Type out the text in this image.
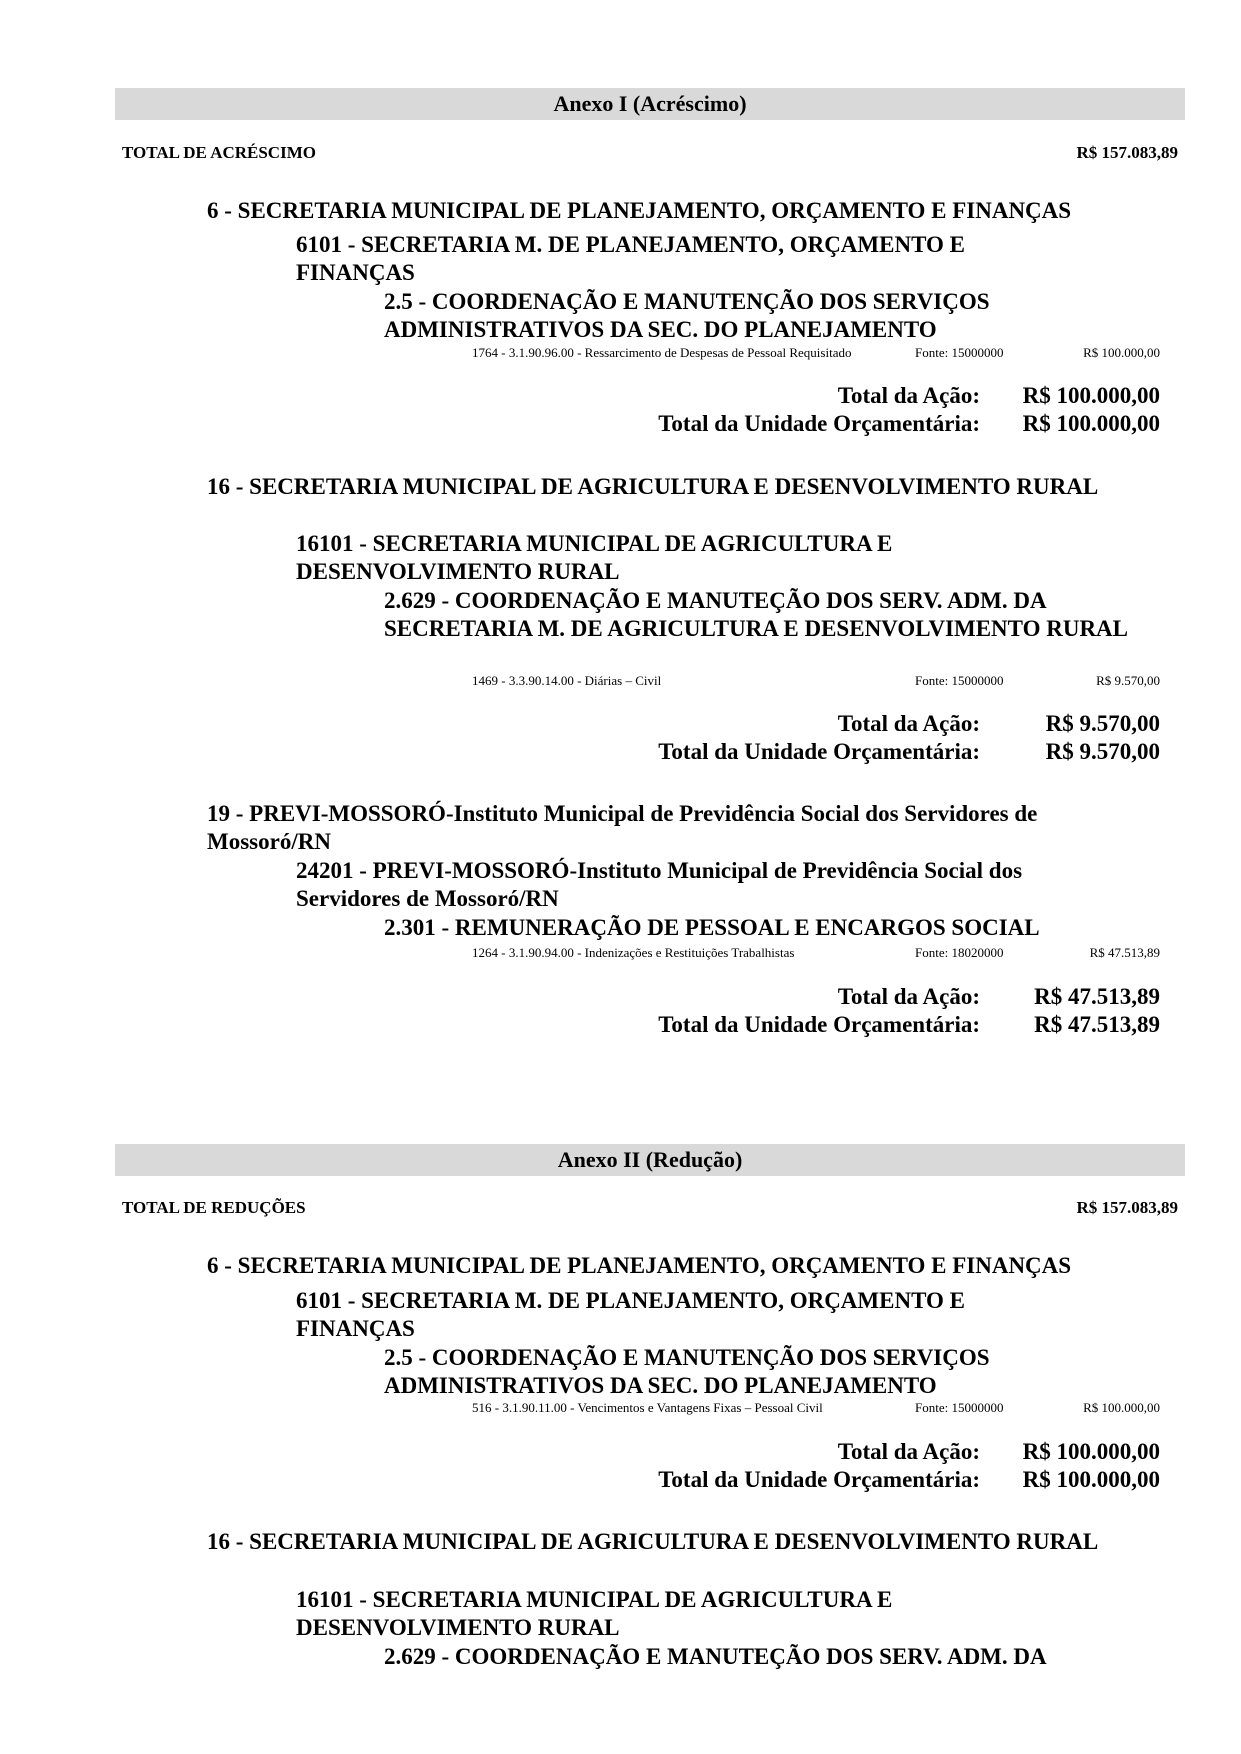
Anexo I (Acréscimo)
TOTAL DE ACRÉSCIMO	R$ 157.083,89
6 - SECRETARIA MUNICIPAL DE PLANEJAMENTO, ORÇAMENTO E FINANÇAS
6101 - SECRETARIA M. DE PLANEJAMENTO, ORÇAMENTO E FINANÇAS
2.5 - COORDENAÇÃO E MANUTENÇÃO DOS SERVIÇOS ADMINISTRATIVOS DA SEC. DO PLANEJAMENTO
1764 - 3.1.90.96.00 - Ressarcimento de Despesas de Pessoal Requisitado	Fonte: 15000000	R$ 100.000,00
Total da Ação: R$ 100.000,00
Total da Unidade Orçamentária: R$ 100.000,00
16 - SECRETARIA MUNICIPAL DE AGRICULTURA E DESENVOLVIMENTO RURAL
16101 - SECRETARIA MUNICIPAL DE AGRICULTURA E DESENVOLVIMENTO RURAL
2.629 - COORDENAÇÃO E MANUTEÇÃO DOS SERV. ADM. DA SECRETARIA M. DE AGRICULTURA E DESENVOLVIMENTO RURAL
1469 - 3.3.90.14.00 - Diárias – Civil	Fonte: 15000000	R$ 9.570,00
Total da Ação:	R$ 9.570,00
Total da Unidade Orçamentária:	R$ 9.570,00
19 - PREVI-MOSSORÓ-Instituto Municipal de Previdência Social dos Servidores de Mossoró/RN
24201 - PREVI-MOSSORÓ-Instituto Municipal de Previdência Social dos Servidores de Mossoró/RN
2.301 - REMUNERAÇÃO DE PESSOAL E ENCARGOS SOCIAL
1264 - 3.1.90.94.00 - Indenizações e Restituições Trabalhistas	Fonte: 18020000	R$ 47.513,89
Total da Ação: R$ 47.513,89
Total da Unidade Orçamentária: R$ 47.513,89
Anexo II (Redução)
TOTAL DE REDUÇÕES	R$ 157.083,89
6 - SECRETARIA MUNICIPAL DE PLANEJAMENTO, ORÇAMENTO E FINANÇAS
6101 - SECRETARIA M. DE PLANEJAMENTO, ORÇAMENTO E FINANÇAS
2.5 - COORDENAÇÃO E MANUTENÇÃO DOS SERVIÇOS ADMINISTRATIVOS DA SEC. DO PLANEJAMENTO
516 - 3.1.90.11.00 - Vencimentos e Vantagens Fixas – Pessoal Civil	Fonte: 15000000	R$ 100.000,00
Total da Ação: R$ 100.000,00
Total da Unidade Orçamentária: R$ 100.000,00
16 - SECRETARIA MUNICIPAL DE AGRICULTURA E DESENVOLVIMENTO RURAL
16101 - SECRETARIA MUNICIPAL DE AGRICULTURA E DESENVOLVIMENTO RURAL
2.629 - COORDENAÇÃO E MANUTEÇÃO DOS SERV. ADM. DA
